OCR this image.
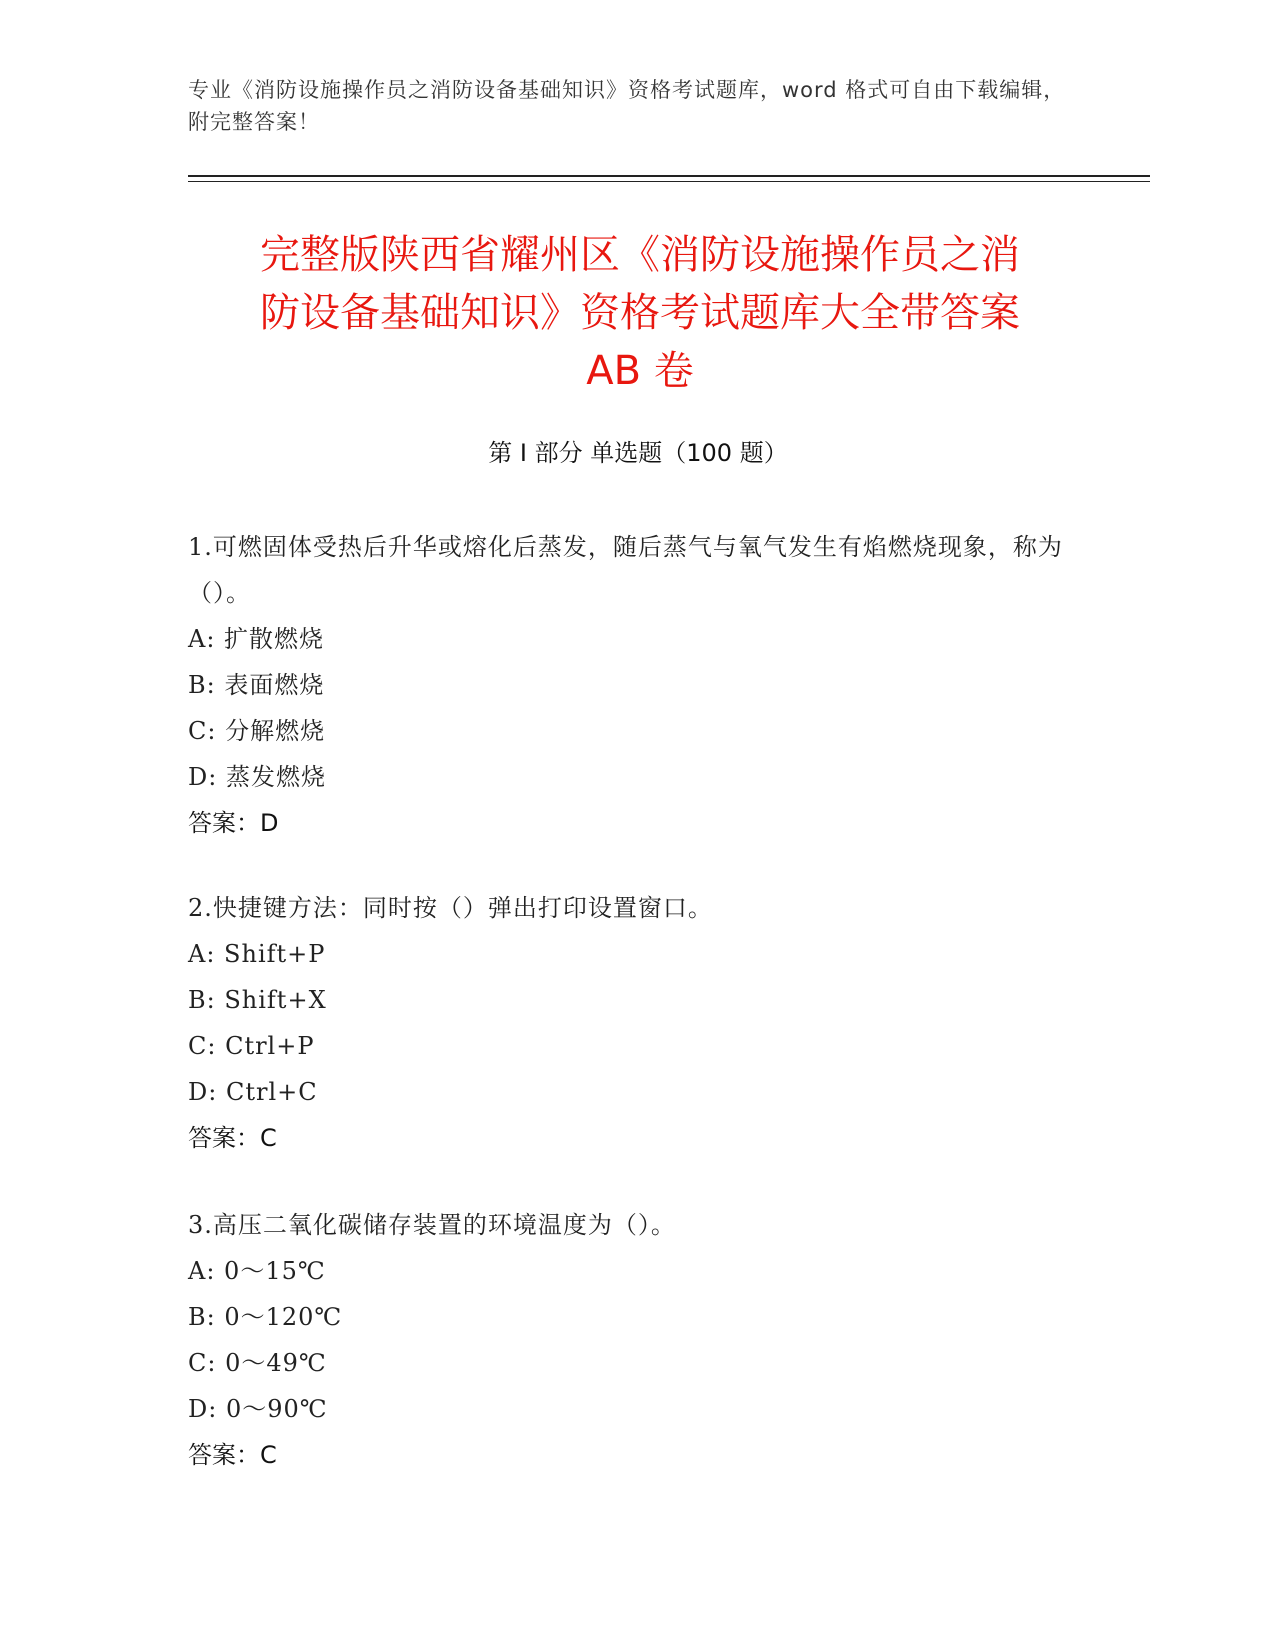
专业《消防设施操作员之消防设备基础知识》资格考试题库，word 格式可自由下载编辑，附完整答案！
完整版陕西省耀州区《消防设施操作员之消
防设备基础知识》资格考试题库大全带答案
AB 卷
第 I 部分 单选题（100 题）
1.可燃固体受热后升华或熔化后蒸发，随后蒸气与氧气发生有焰燃烧现象，称为（）。
A: 扩散燃烧
B: 表面燃烧
C: 分解燃烧
D: 蒸发燃烧
答案：D
2.快捷键方法：同时按（）弹出打印设置窗口。
A: Shift+P
B: Shift+X
C: Ctrl+P
D: Ctrl+C
答案：C
3.高压二氧化碳储存装置的环境温度为（）。
A: 0～15℃
B: 0～120℃
C: 0～49℃
D: 0～90℃
答案：C
